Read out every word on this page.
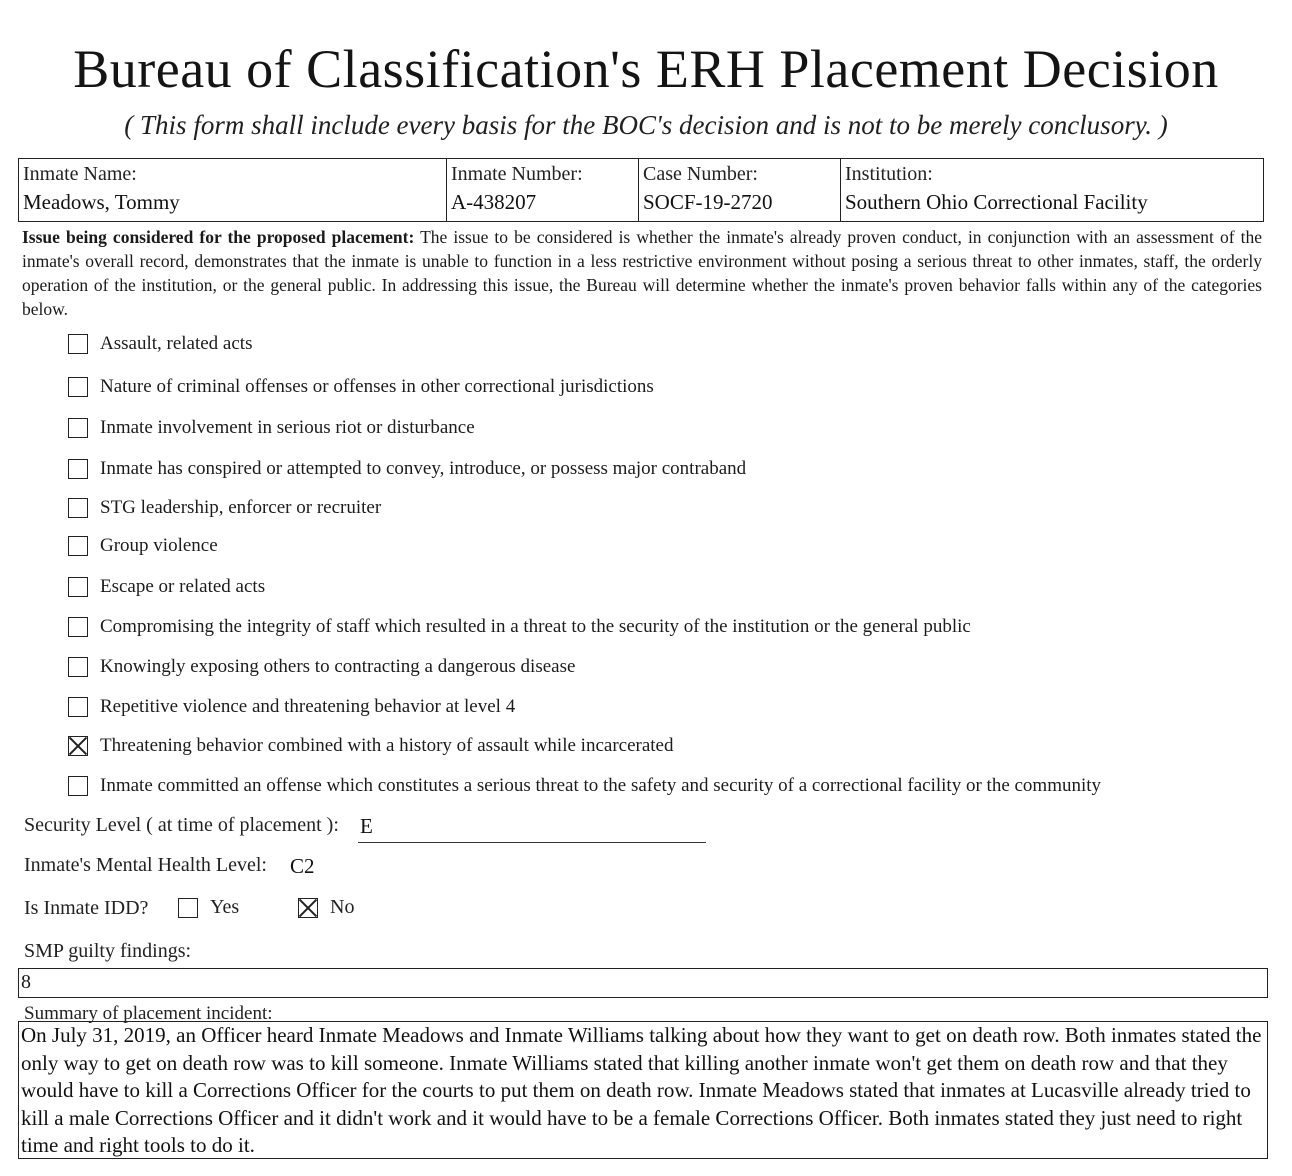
Bureau of Classification's ERH Placement Decision
( This form shall include every basis for the BOC's decision and is not to be merely conclusory. )
Inmate Name:
Meadows, Tommy
Inmate Number:
A-438207
Case Number:
SOCF-19-2720
Institution:
Southern Ohio Correctional Facility
Issue being considered for the proposed placement: The issue to be considered is whether the inmate's already proven conduct, in conjunction with an assessment of the inmate's overall record, demonstrates that the inmate is unable to function in a less restrictive environment without posing a serious threat to other inmates, staff, the orderly operation of the institution, or the general public. In addressing this issue, the Bureau will determine whether the inmate's proven behavior falls within any of the categories below.
Assault, related acts
Nature of criminal offenses or offenses in other correctional jurisdictions
Inmate involvement in serious riot or disturbance
Inmate has conspired or attempted to convey, introduce, or possess major contraband
STG leadership, enforcer or recruiter
Group violence
Escape or related acts
Compromising the integrity of staff which resulted in a threat to the security of the institution or the general public
Knowingly exposing others to contracting a dangerous disease
Repetitive violence and threatening behavior at level 4
Threatening behavior combined with a history of assault while incarcerated
Inmate committed an offense which constitutes a serious threat to the safety and security of a correctional facility or the community
Security Level ( at time of placement ): E
Inmate's Mental Health Level: C2
Is Inmate IDD?	Yes	No
SMP guilty findings:
8
Summary of placement incident:
On July 31, 2019, an Officer heard Inmate Meadows and Inmate Williams talking about how they want to get on death row. Both inmates stated the only way to get on death row was to kill someone. Inmate Williams stated that killing another inmate won't get them on death row and that they would have to kill a Corrections Officer for the courts to put them on death row. Inmate Meadows stated that inmates at Lucasville already tried to kill a male Corrections Officer and it didn't work and it would have to be a female Corrections Officer. Both inmates stated they just need to right time and right tools to do it.
